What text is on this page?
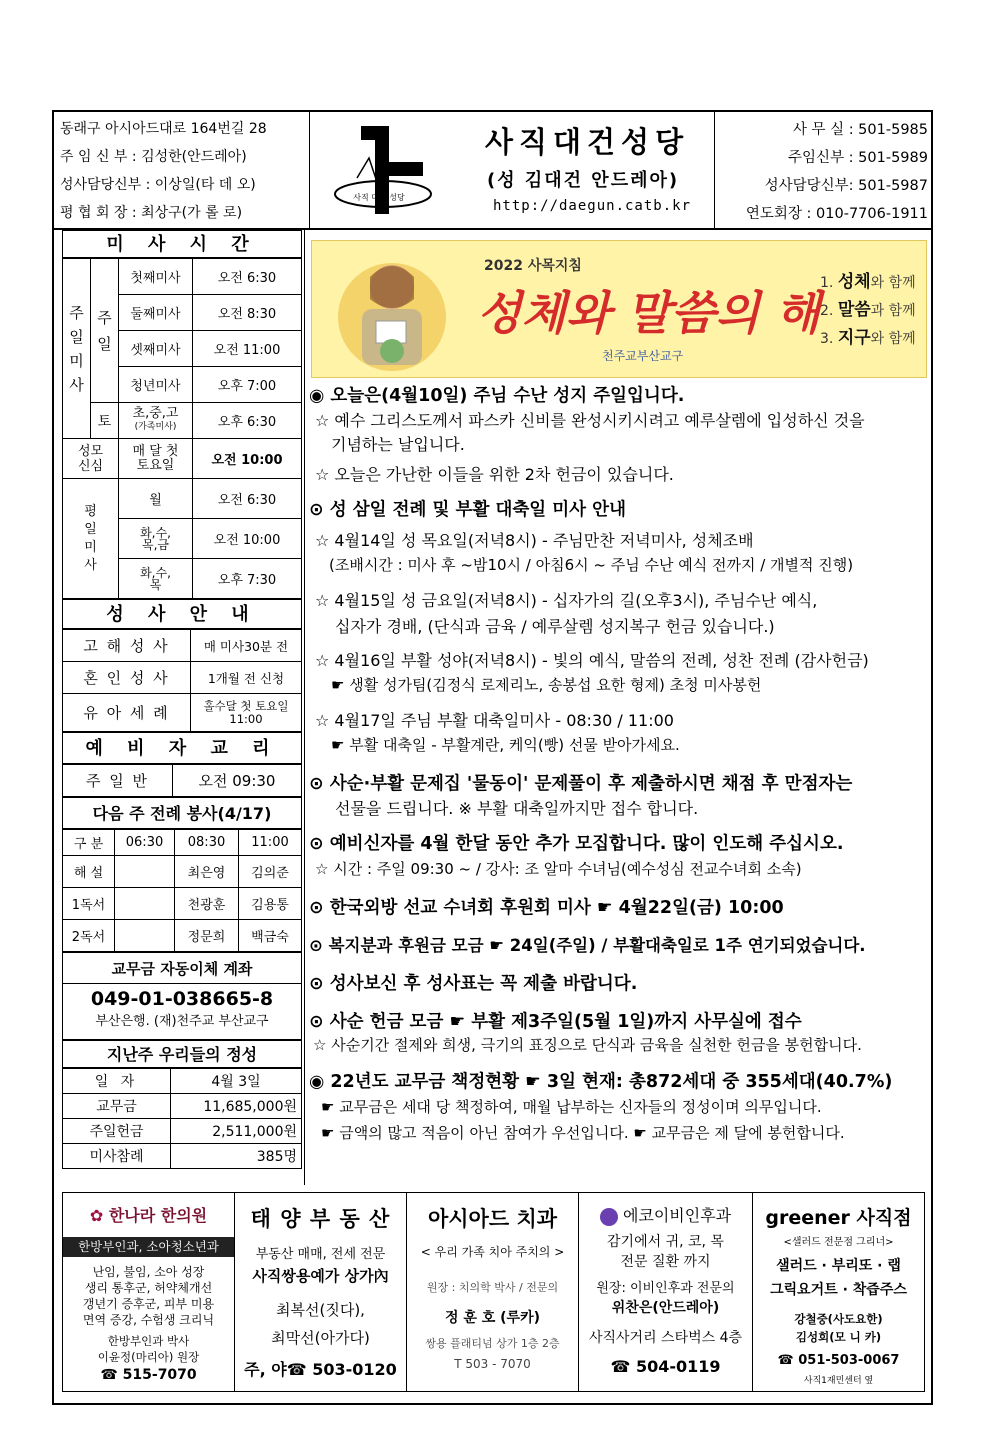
동래구 아시아드대로 164번길 28
주 임 신 부 : 김성한(안드레아)
성사담당신부 : 이상일(타 데 오)
평 협 회 장 : 최상구(가 롤 로)
사직 대건 성당
사직대건성당
(성 김대건 안드레아)
http://daegun.catb.kr
사 무 실 : 501-5985
주임신부 : 501-5989
성사담당신부: 501-5987
연도회장 : 010-7706-1911
미 사 시 간
주일미사	주일	첫째미사	오전 6:30
		둘째미사	오전 8:30
		셋째미사	오전 11:00
		청년미사	오후 7:00
	토	초,중,고
(가족미사)	오후 6:30
성모신심		매 달 첫토요일	오전 10:00
평일미사		월	오전 6:30
		화,수,목,금	오전 10:00
		화,수,목	오후 7:30
성 사 안 내
고 해 성 사	매 미사30분 전
혼 인 성 사	1개월 전 신청
유 아 세 례	홀수달 첫 토요일 11:00
예 비 자 교 리
주 일 반	오전 09:30
다음 주 전례 봉사(4/17)
구 분	06:30	08:30	11:00
해 설		최은영	김의준
1독서		천광훈	김용통
2독서		정문희	백금숙
교무금 자동이체 계좌
049-01-038665-8
부산은행. (재)천주교 부산교구
지난주 우리들의 정성
일 자	4월 3일
교무금	11,685,000원
주일헌금	2,511,000원
미사참례	385명
2022 사목지침
성체와 말씀의 해
천주교부산교구
1. 성체와 함께
2. 말씀과 함께
3. 지구와 함께
◉ 오늘은(4월10일) 주님 수난 성지 주일입니다.
☆ 예수 그리스도께서 파스카 신비를 완성시키시려고 예루살렘에 입성하신 것을
기념하는 날입니다.
☆ 오늘은 가난한 이들을 위한 2차 헌금이 있습니다.
⊙ 성 삼일 전례 및 부활 대축일 미사 안내
☆ 4월14일 성 목요일(저녁8시) - 주님만찬 저녁미사, 성체조배
(조배시간 : 미사 후 ~밤10시 / 아침6시 ~ 주님 수난 예식 전까지 / 개별적 진행)
☆ 4월15일 성 금요일(저녁8시) - 십자가의 길(오후3시), 주님수난 예식,
십자가 경배, (단식과 금육 / 예루살렘 성지복구 헌금 있습니다.)
☆ 4월16일 부활 성야(저녁8시) - 빛의 예식, 말씀의 전례, 성찬 전례 (감사헌금)
☛ 생활 성가팀(김정식 로제리노, 송봉섭 요한 형제) 초청 미사봉헌
☆ 4월17일 주님 부활 대축일미사 - 08:30 / 11:00
☛ 부활 대축일 - 부활계란, 케익(빵) 선물 받아가세요.
⊙ 사순·부활 문제집 '물동이' 문제풀이 후 제출하시면 채점 후 만점자는
선물을 드립니다. ※ 부활 대축일까지만 접수 합니다.
⊙ 예비신자를 4월 한달 동안 추가 모집합니다. 많이 인도해 주십시오.
☆ 시간 : 주일 09:30 ~ / 강사: 조 알마 수녀님(예수성심 전교수녀회 소속)
⊙ 한국외방 선교 수녀회 후원회 미사 ☛ 4월22일(금) 10:00
⊙ 복지분과 후원금 모금 ☛ 24일(주일) / 부활대축일로 1주 연기되었습니다.
⊙ 성사보신 후 성사표는 꼭 제출 바랍니다.
⊙ 사순 헌금 모금 ☛ 부활 제3주일(5월 1일)까지 사무실에 접수
☆ 사순기간 절제와 희생, 극기의 표징으로 단식과 금육을 실천한 헌금을 봉헌합니다.
◉ 22년도 교무금 책정현황 ☛ 3일 현재: 총872세대 중 355세대(40.7%)
☛ 교무금은 세대 당 책정하여, 매월 납부하는 신자들의 정성이며 의무입니다.
☛ 금액의 많고 적음이 아닌 참여가 우선입니다. ☛ 교무금은 제 달에 봉헌합니다.
✿ 한나라 한의원
한방부인과, 소아청소년과
난임, 불임, 소아 성장
생리 통후군, 허약체개선
갱년기 증후군, 피부 미용
면역 증강, 수험생 크리닉
한방부인과 박사
이윤정(마리아) 원장
☎ 515-7070
태 양 부 동 산
부동산 매매, 전세 전문
사직쌍용예가 상가內
최복선(짓다),
최막선(아가다)
주, 야☎ 503-0120
아시아드 치과
< 우리 가족 치아 주치의 >
원장 : 치의학 박사 / 전문의
정 훈 호 (루카)
쌍용 플래티넘 상가 1층 2층
T 503 - 7070
에코이비인후과
감기에서 귀, 코, 목
전문 질환 까지
원장: 이비인후과 전문의
위찬은(안드레아)
사직사거리 스타벅스 4층
☎ 504-0119
greener 사직점
<샐러드 전문점 그리너>
샐러드 · 부리또 · 랩
그릭요거트 · 착즙주스
강철중(사도요한)
김성희(모 니 카)
☎ 051-503-0067
사직1재민센터 옆
